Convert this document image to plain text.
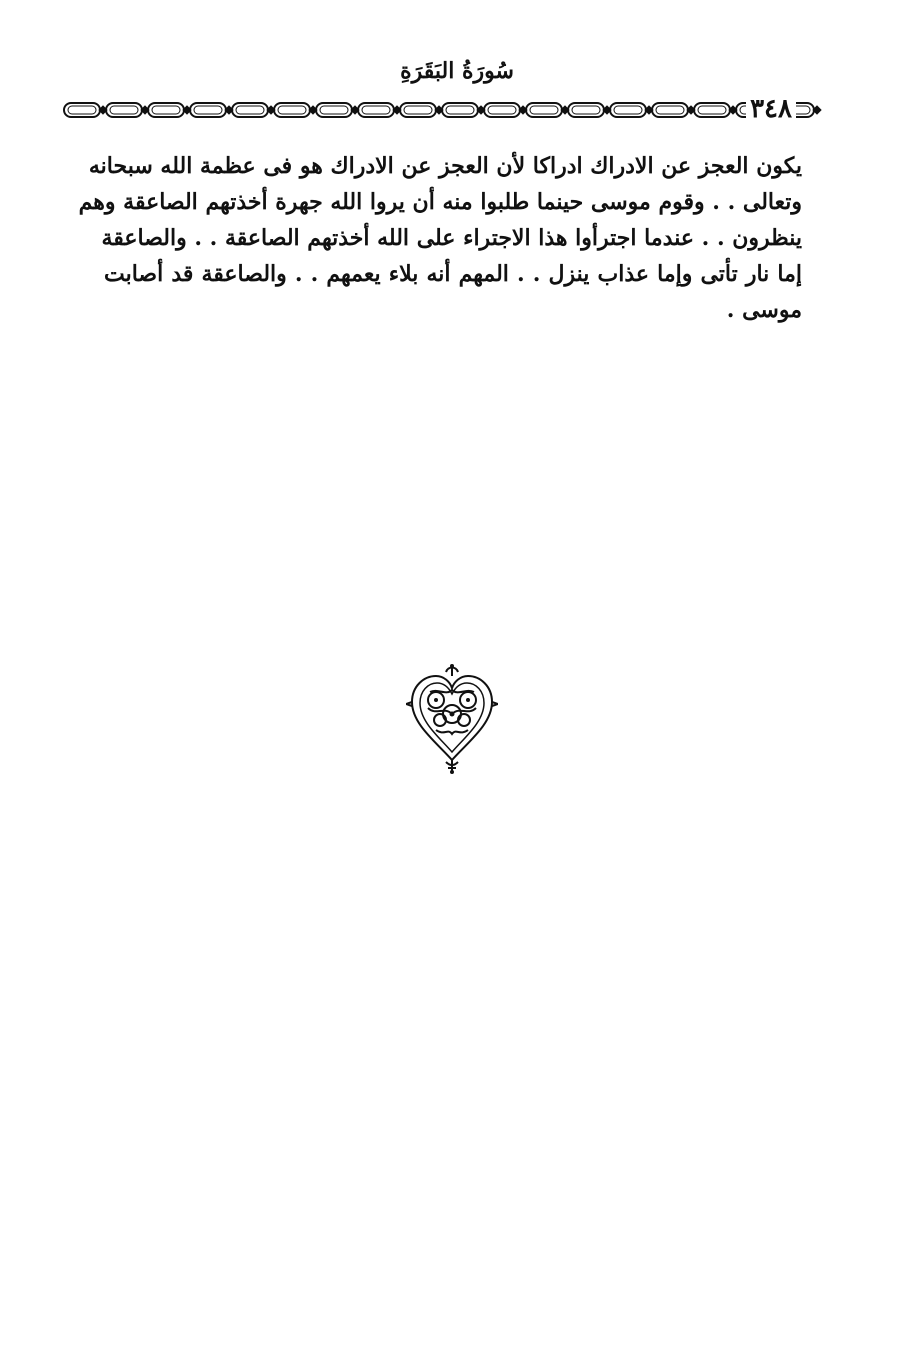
سُورَةُ البَقَرَةِ
٣٤٨
يكون العجز عن الادراك ادراكا لأن العجز عن الادراك هو فى عظمة الله سبحانه
وتعالى . . وقوم موسى حينما طلبوا منه أن يروا الله جهرة أخذتهم الصاعقة وهم
ينظرون . . عندما اجترأوا هذا الاجتراء على الله أخذتهم الصاعقة . . والصاعقة
إما نار تأتى وإما عذاب ينزل . . المهم أنه بلاء يعمهم . . والصاعقة قد أصابت
موسى .
